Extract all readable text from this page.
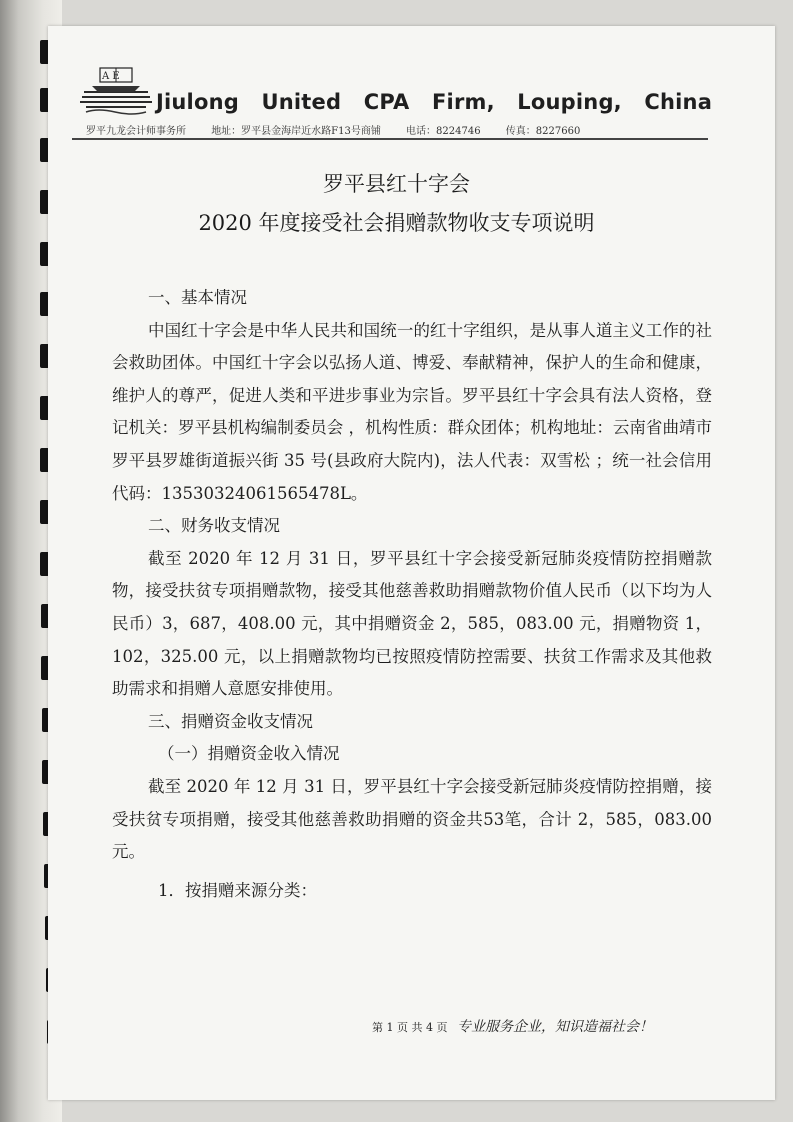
A E
Jiulong   United   CPA   Firm,   Louping,   China
罗平九龙会计师事务所	地址：罗平县金海岸近水路F13号商铺	电话：8224746	传真：8227660
罗平县红十字会
2020 年度接受社会捐赠款物收支专项说明

一、基本情况

中国红十字会是中华人民共和国统一的红十字组织，是从事人道主义工作的社会救助团体。中国红十字会以弘扬人道、博爱、奉献精神，保护人的生命和健康，维护人的尊严，促进人类和平进步事业为宗旨。罗平县红十字会具有法人资格，登记机关：罗平县机构编制委员会 ，机构性质：群众团体；机构地址：云南省曲靖市罗平县罗雄街道振兴街 35 号(县政府大院内)，法人代表：双雪松 ；统一社会信用代码：13530324061565478L。

二、财务收支情况

截至 2020 年 12 月 31 日，罗平县红十字会接受新冠肺炎疫情防控捐赠款物，接受扶贫专项捐赠款物，接受其他慈善救助捐赠款物价值人民币（以下均为人民币）3，687，408.00 元，其中捐赠资金 2，585，083.00 元，捐赠物资 1，102，325.00 元，以上捐赠款物均已按照疫情防控需要、扶贫工作需求及其他救助需求和捐赠人意愿安排使用。

三、捐赠资金收支情况

（一）捐赠资金收入情况

截至 2020 年 12 月 31 日，罗平县红十字会接受新冠肺炎疫情防控捐赠，接受扶贫专项捐赠，接受其他慈善救助捐赠的资金共53笔，合计 2，585，083.00 元。

1．按捐赠来源分类：

第 1 页 共 4 页 专业服务企业，知识造福社会！
